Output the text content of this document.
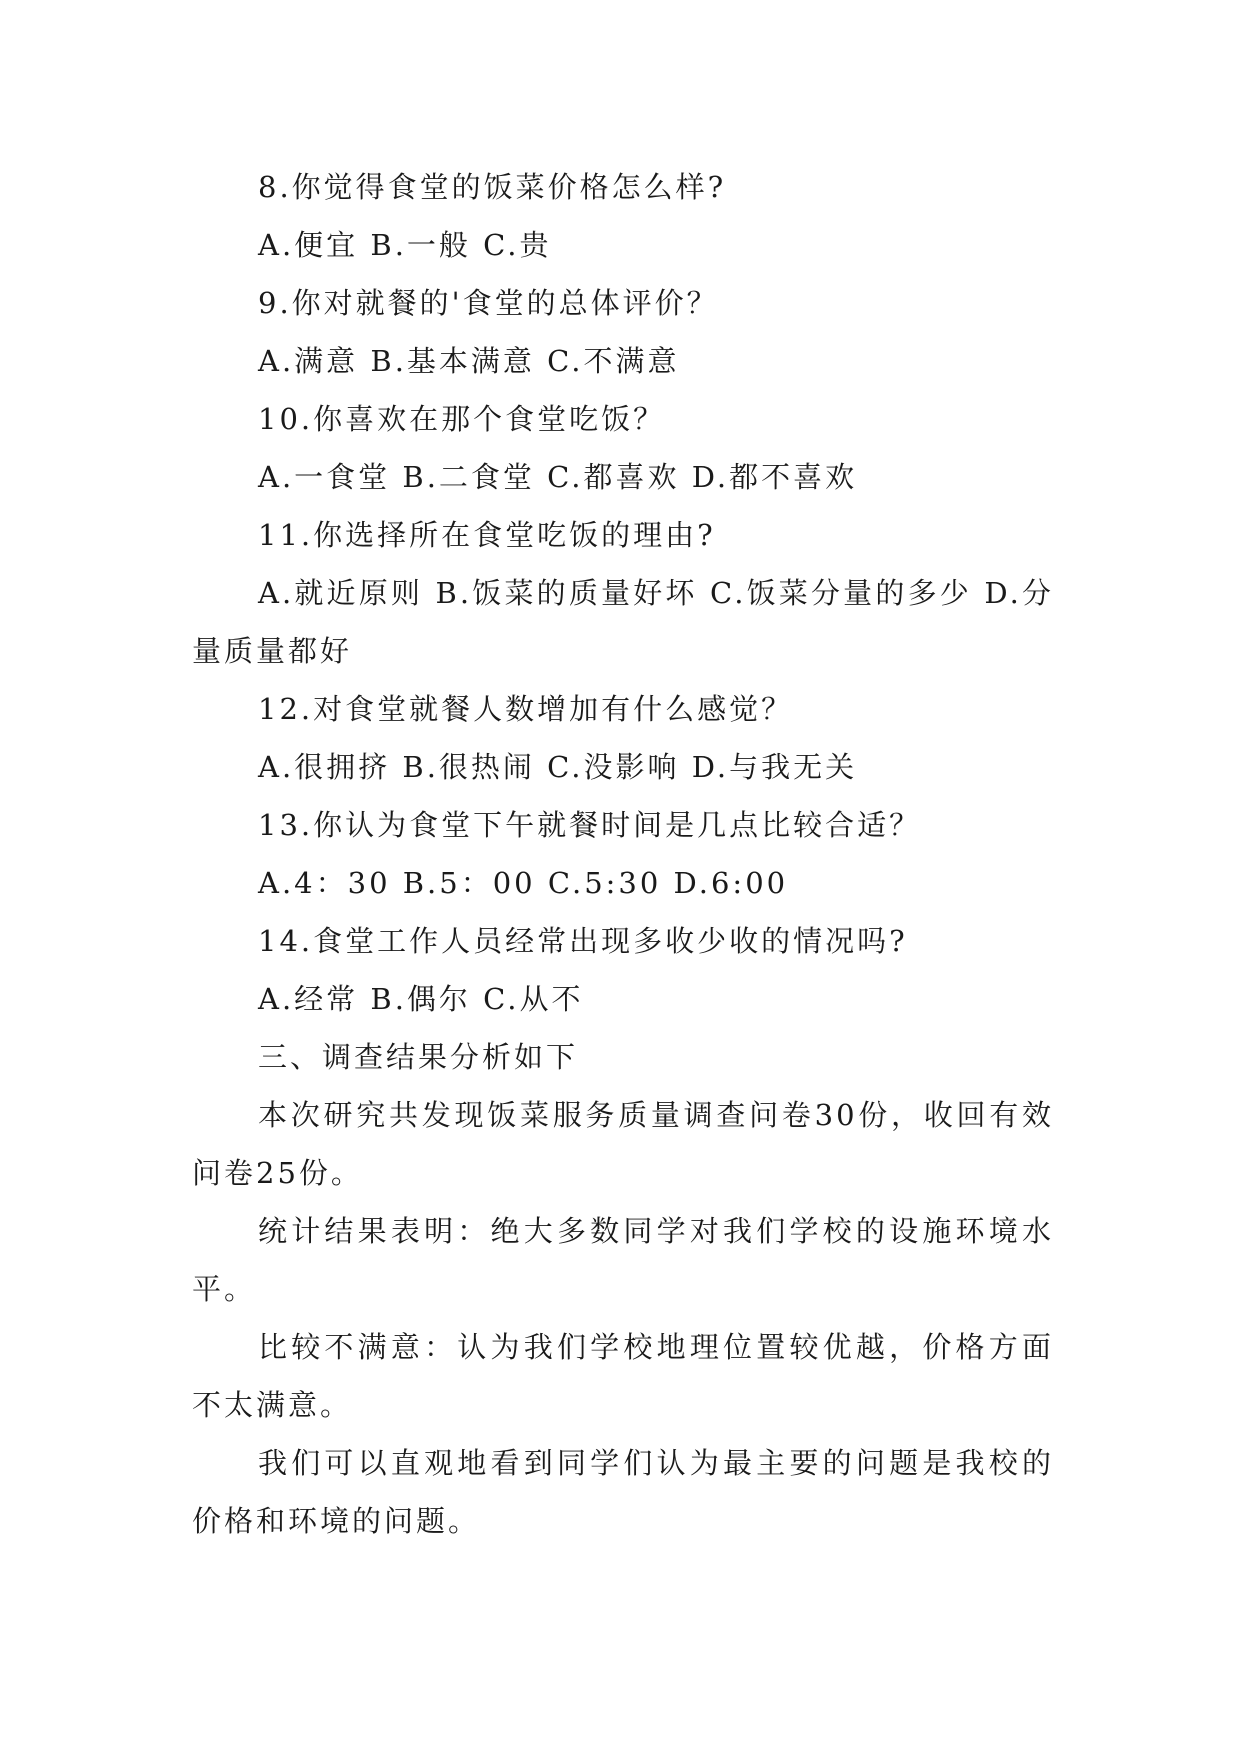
8.你觉得食堂的饭菜价格怎么样?

A.便宜 B.一般 C.贵

9.你对就餐的'食堂的总体评价？

A.满意 B.基本满意 C.不满意

10.你喜欢在那个食堂吃饭？

A.一食堂 B.二食堂 C.都喜欢 D.都不喜欢

11.你选择所在食堂吃饭的理由?

A.就近原则 B.饭菜的质量好坏 C.饭菜分量的多少 D.分量质量都好

12.对食堂就餐人数增加有什么感觉？

A.很拥挤 B.很热闹 C.没影响 D.与我无关

13.你认为食堂下午就餐时间是几点比较合适？

A.4：30 B.5：00 C.5:30 D.6:00

14.食堂工作人员经常出现多收少收的情况吗?

A.经常 B.偶尔 C.从不

三、调查结果分析如下

本次研究共发现饭菜服务质量调查问卷30份，收回有效问卷25份。

统计结果表明：绝大多数同学对我们学校的设施环境水平。

比较不满意：认为我们学校地理位置较优越，价格方面不太满意。

我们可以直观地看到同学们认为最主要的问题是我校的价格和环境的问题。
